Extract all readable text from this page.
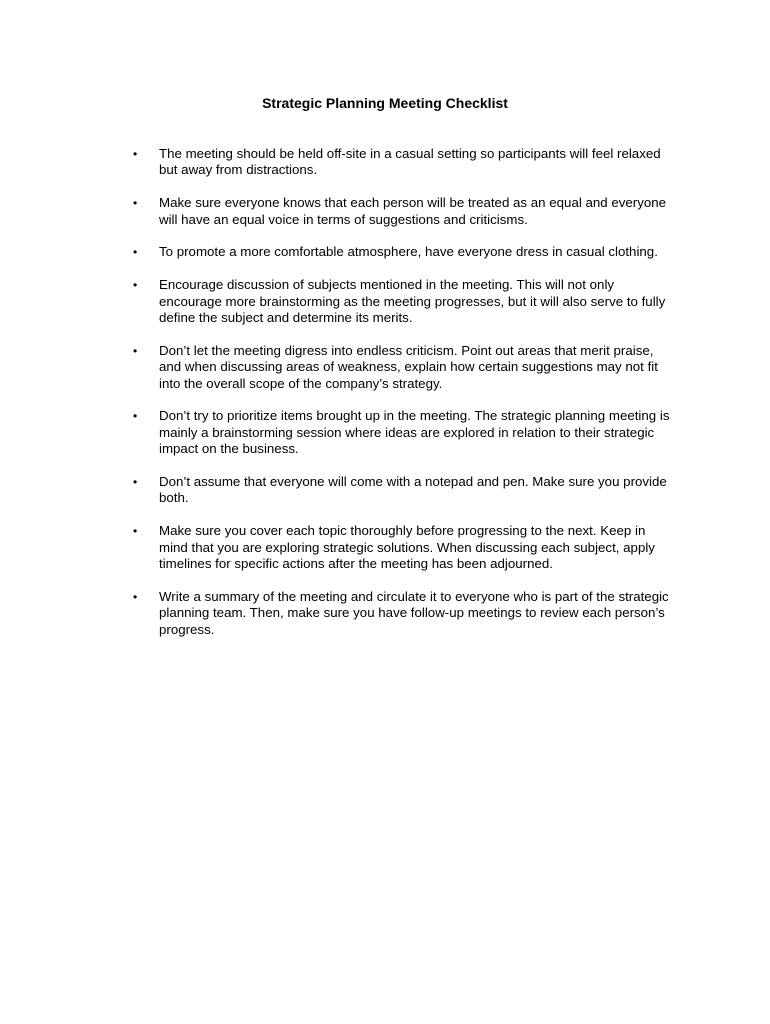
Strategic Planning Meeting Checklist
• The meeting should be held off-site in a casual setting so participants will feel relaxed but away from distractions.
• Make sure everyone knows that each person will be treated as an equal and everyone will have an equal voice in terms of suggestions and criticisms.
• To promote a more comfortable atmosphere, have everyone dress in casual clothing.
• Encourage discussion of subjects mentioned in the meeting. This will not only encourage more brainstorming as the meeting progresses, but it will also serve to fully define the subject and determine its merits.
• Don’t let the meeting digress into endless criticism. Point out areas that merit praise, and when discussing areas of weakness, explain how certain suggestions may not fit into the overall scope of the company’s strategy.
• Don’t try to prioritize items brought up in the meeting. The strategic planning meeting is mainly a brainstorming session where ideas are explored in relation to their strategic impact on the business.
• Don’t assume that everyone will come with a notepad and pen. Make sure you provide both.
• Make sure you cover each topic thoroughly before progressing to the next. Keep in mind that you are exploring strategic solutions. When discussing each subject, apply timelines for specific actions after the meeting has been adjourned.
• Write a summary of the meeting and circulate it to everyone who is part of the strategic planning team. Then, make sure you have follow-up meetings to review each person’s progress.
